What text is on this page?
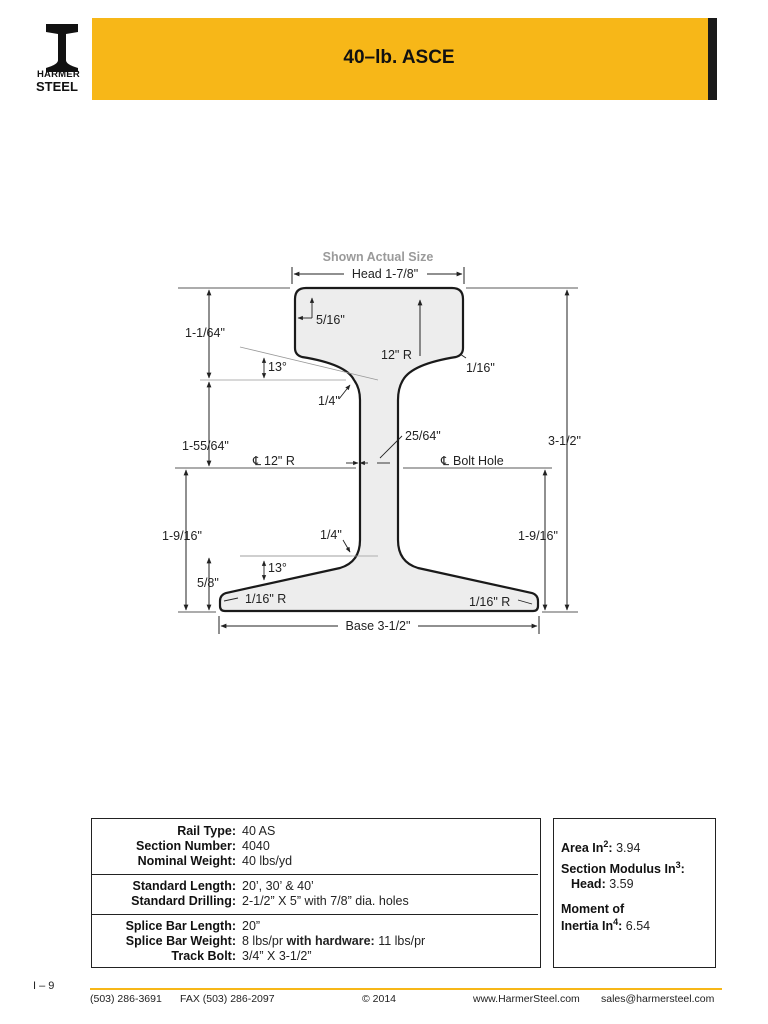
HARMER
STEEL
40–lb. ASCE
Shown Actual Size
Head 1-7/8"
Base 3-1/2"
1-1/64"
5/16"
12" R
1/16"
13°
1/4"
25/64"
1-55/64"
℄ 12" R	℄ Bolt Hole
3-1/2"
1-9/16"	1-9/16"
1/4"
13°
5/8"
1/16" R	1/16" R
Rail Type: 40 AS
Section Number: 4040
Nominal Weight: 40 lbs/yd
Standard Length: 20’, 30’ & 40’
Standard Drilling: 2-1/2” X 5” with 7/8” dia. holes
Splice Bar Length: 20”
Splice Bar Weight: 8 lbs/pr with hardware: 11 lbs/pr
Track Bolt: 3/4” X 3-1/2”
Area In$^2$: 3.94
Section Modulus In$^3$:
Head: 3.59
Moment of
Inertia In$^4$: 6.54
I – 9
(503) 286-3691 FAX (503) 286-2097	© 2014	www.HarmerSteel.com sales@harmersteel.com
